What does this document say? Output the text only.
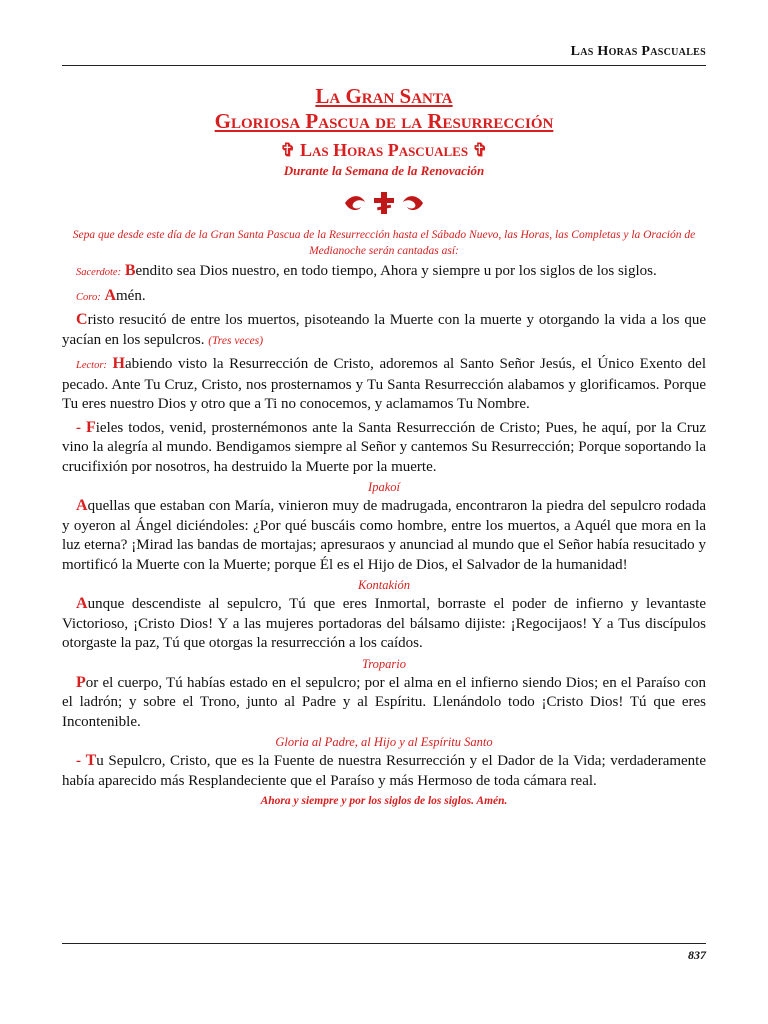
Las Horas Pascuales
La Gran Santa
Gloriosa Pascua de la Resurrección
✞ Las Horas Pascuales ✞
Durante la Semana de la Renovación

Sepa que desde este día de la Gran Santa Pascua de la Resurrección hasta el Sábado Nuevo, las Horas, las Completas y la Oración de Medianoche serán cantadas así:

Sacerdote: Bendito sea Dios nuestro, en todo tiempo, Ahora y siempre u por los siglos de los siglos.

Coro: Amén.

Cristo resucitó de entre los muertos, pisoteando la Muerte con la muerte y otorgando la vida a los que yacían en los sepulcros. (Tres veces)

Lector: Habiendo visto la Resurrección de Cristo, adoremos al Santo Señor Jesús, el Único Exento del pecado. Ante Tu Cruz, Cristo, nos prosternamos y Tu Santa Resurrección alabamos y glorificamos. Porque Tu eres nuestro Dios y otro que a Ti no conocemos, y aclamamos Tu Nombre.

- Fieles todos, venid, prosternémonos ante la Santa Resurrección de Cristo; Pues, he aquí, por la Cruz vino la alegría al mundo. Bendigamos siempre al Señor y cantemos Su Resurrección; Porque soportando la crucifixión por nosotros, ha destruido la Muerte por la muerte.

Ipakoí

Aquellas que estaban con María, vinieron muy de madrugada, encontraron la piedra del sepulcro rodada y oyeron al Ángel diciéndoles: ¿Por qué buscáis como hombre, entre los muertos, a Aquél que mora en la luz eterna? ¡Mirad las bandas de mortajas; apresuraos y anunciad al mundo que el Señor había resucitado y mortificó la Muerte con la Muerte; porque Él es el Hijo de Dios, el Salvador de la humanidad!

Kontakión

Aunque descendiste al sepulcro, Tú que eres Inmortal, borraste el poder de infierno y levantaste Victorioso, ¡Cristo Dios! Y a las mujeres portadoras del bálsamo dijiste: ¡Regocijaos! Y a Tus discípulos otorgaste la paz, Tú que otorgas la resurrección a los caídos.

Tropario

Por el cuerpo, Tú habías estado en el sepulcro; por el alma en el infierno siendo Dios; en el Paraíso con el ladrón; y sobre el Trono, junto al Padre y al Espíritu. Llenándolo todo ¡Cristo Dios! Tú que eres Incontenible.

Gloria al Padre, al Hijo y al Espíritu Santo

- Tu Sepulcro, Cristo, que es la Fuente de nuestra Resurrección y el Dador de la Vida; verdaderamente había aparecido más Resplandeciente que el Paraíso y más Hermoso de toda cámara real.

Ahora y siempre y por los siglos de los siglos. Amén.
837
